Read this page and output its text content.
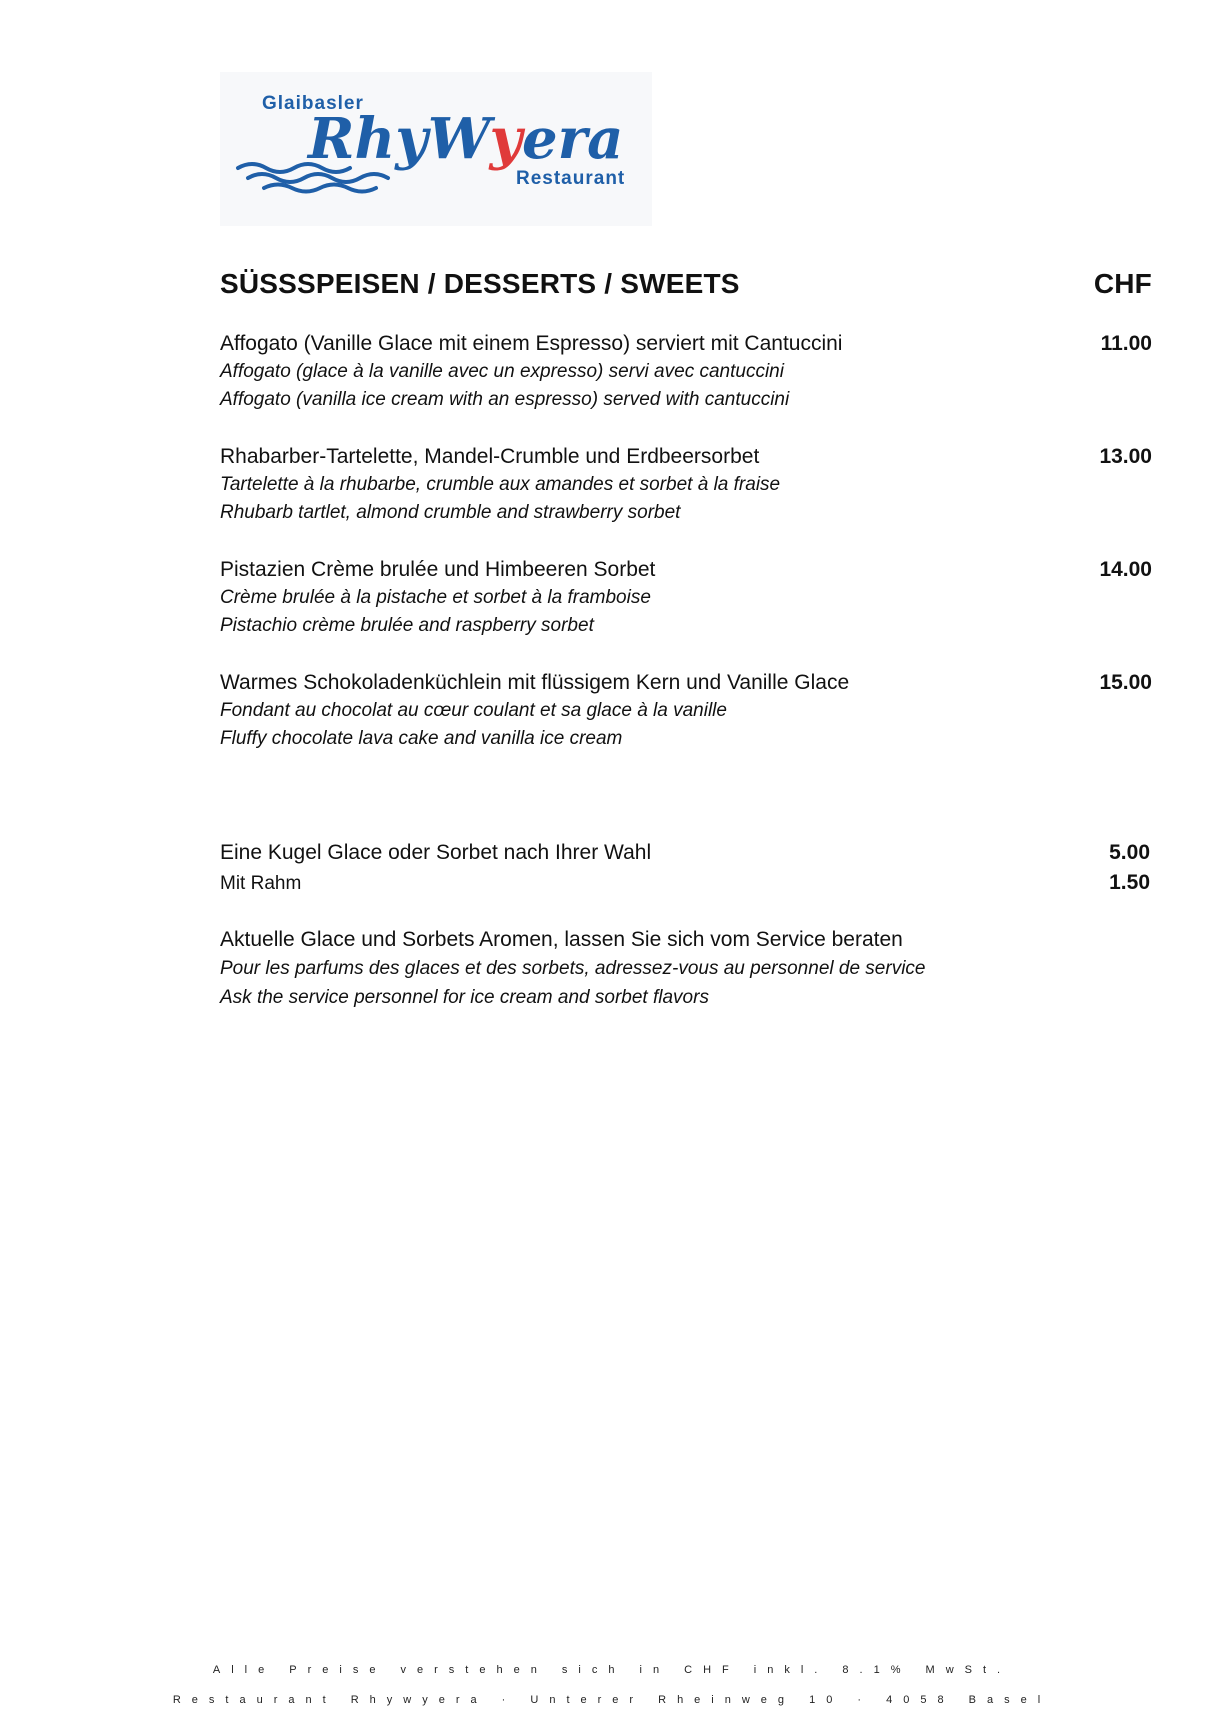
Glaibasler
RhyWyera
Restaurant
SÜSSSPEISEN / DESSERTS / SWEETS	CHF
Affogato (Vanille Glace mit einem Espresso) serviert mit Cantuccini	11.00
Affogato (glace à la vanille avec un expresso) servi avec cantuccini
Affogato (vanilla ice cream with an espresso) served with cantuccini
Rhabarber-Tartelette, Mandel-Crumble und Erdbeersorbet	13.00
Tartelette à la rhubarbe, crumble aux amandes et sorbet à la fraise
Rhubarb tartlet, almond crumble and strawberry sorbet
Pistazien Crème brulée und Himbeeren Sorbet	14.00
Crème brulée à la pistache et sorbet à la framboise
Pistachio crème brulée and raspberry sorbet
Warmes Schokoladenküchlein mit flüssigem Kern und Vanille Glace	15.00
Fondant au chocolat au cœur coulant et sa glace à la vanille
Fluffy chocolate lava cake and vanilla ice cream
Eine Kugel Glace oder Sorbet nach Ihrer Wahl	5.00
Mit Rahm	1.50
Aktuelle Glace und Sorbets Aromen, lassen Sie sich vom Service beraten
Pour les parfums des glaces et des sorbets, adressez-vous au personnel de service
Ask the service personnel for ice cream and sorbet flavors
Alle Preise verstehen sich in CHF inkl. 8.1% MwSt.
Restaurant Rhywyera · Unterer Rheinweg 10 · 4058 Basel
